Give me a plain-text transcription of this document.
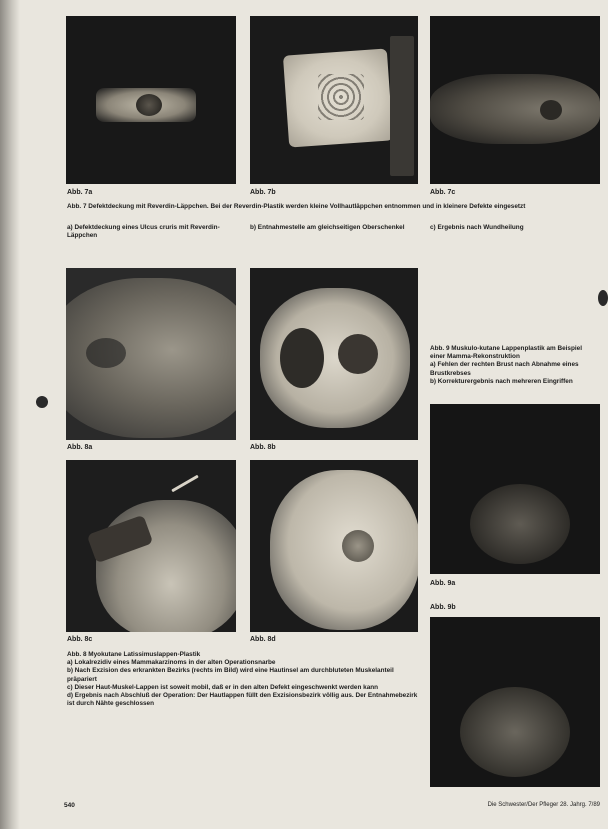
Abb. 7a	Abb. 7b	Abb. 7c
Abb. 7 Defektdeckung mit Reverdin-Läppchen. Bei der Reverdin-Plastik werden kleine Vollhautläppchen entnommen und in kleinere Defekte eingesetzt
a) Defektdeckung eines Ulcus cruris mit Reverdin-Läppchen
b) Entnahmestelle am gleichseitigen Oberschenkel	c) Ergebnis nach Wundheilung
Abb. 8a	Abb. 8b
Abb. 8c	Abb. 8d
Abb. 8 Myokutane Latissimuslappen-Plastik
a) Lokalrezidiv eines Mammakarzinoms in der alten Operationsnarbe
b) Nach Exzision des erkrankten Bezirks (rechts im Bild) wird eine Hautinsel am durchbluteten Muskelanteil präpariert
c) Dieser Haut-Muskel-Lappen ist soweit mobil, daß er in den alten Defekt eingeschwenkt werden kann
d) Ergebnis nach Abschluß der Operation: Der Hautlappen füllt den Exzisionsbezirk völlig aus. Der Entnahmebezirk ist durch Nähte geschlossen
Abb. 9 Muskulo-kutane Lappenplastik am Beispiel einer Mamma-Rekonstruktion
a) Fehlen der rechten Brust nach Abnahme eines Brustkrebses
b) Korrekturergebnis nach mehreren Eingriffen
Abb. 9a
Abb. 9b
540	Die Schwester/Der Pfleger 28. Jahrg. 7/89
